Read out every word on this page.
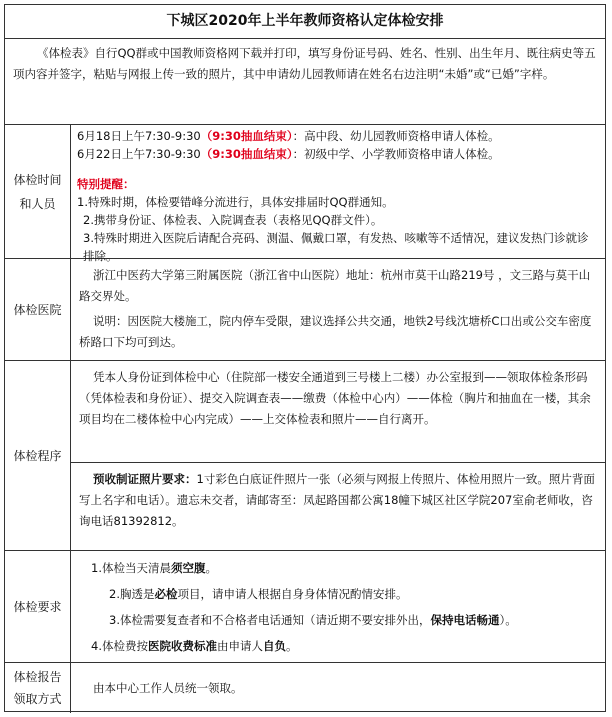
下城区2020年上半年教师资格认定体检安排
《体检表》自行QQ群或中国教师资格网下载并打印，填写身份证号码、姓名、性别、出生年月、既往病史等五项内容并签字，粘贴与网报上传一致的照片，其中申请幼儿园教师请在姓名右边注明“未婚”或“已婚”字样。
体检时间
和人员
6月18日上午7:30-9:30（9:30抽血结束）：高中段、幼儿园教师资格申请人体检。
6月22日上午7:30-9:30（9:30抽血结束）：初级中学、小学教师资格申请人体检。
特别提醒：
1.特殊时期，体检要错峰分流进行，具体安排届时QQ群通知。
2.携带身份证、体检表、入院调查表（表格见QQ群文件）。
3.特殊时期进入医院后请配合亮码、测温、佩戴口罩，有发热、咳嗽等不适情况，建议发热门诊就诊排除。
体检医院

浙江中医药大学第三附属医院（浙江省中山医院）地址：杭州市莫干山路219号 ，文三路与莫干山路交界处。

说明：因医院大楼施工，院内停车受限，建议选择公共交通，地铁2号线沈塘桥C口出或公交车密度桥路口下均可到达。

体检程序
凭本人身份证到体检中心（住院部一楼安全通道到三号楼上二楼）办公室报到——领取体检条形码（凭体检表和身份证）、提交入院调查表——缴费（体检中心内）——体检（胸片和抽血在一楼，其余项目均在二楼体检中心内完成）——上交体检表和照片——自行离开。
预收制证照片要求：1寸彩色白底证件照片一张（必须与网报上传照片、体检用照片一致。照片背面写上名字和电话）。遗忘未交者，请邮寄至：凤起路国都公寓18幢下城区社区学院207室俞老师收，咨询电话81392812。
体检要求
1.体检当天清晨须空腹。
2.胸透是必检项目，请申请人根据自身身体情况酌情安排。
3.体检需要复查者和不合格者电话通知（请近期不要安排外出，保持电话畅通）。
4.体检费按医院收费标准由申请人自负。
体检报告
领取方式
由本中心工作人员统一领取。
